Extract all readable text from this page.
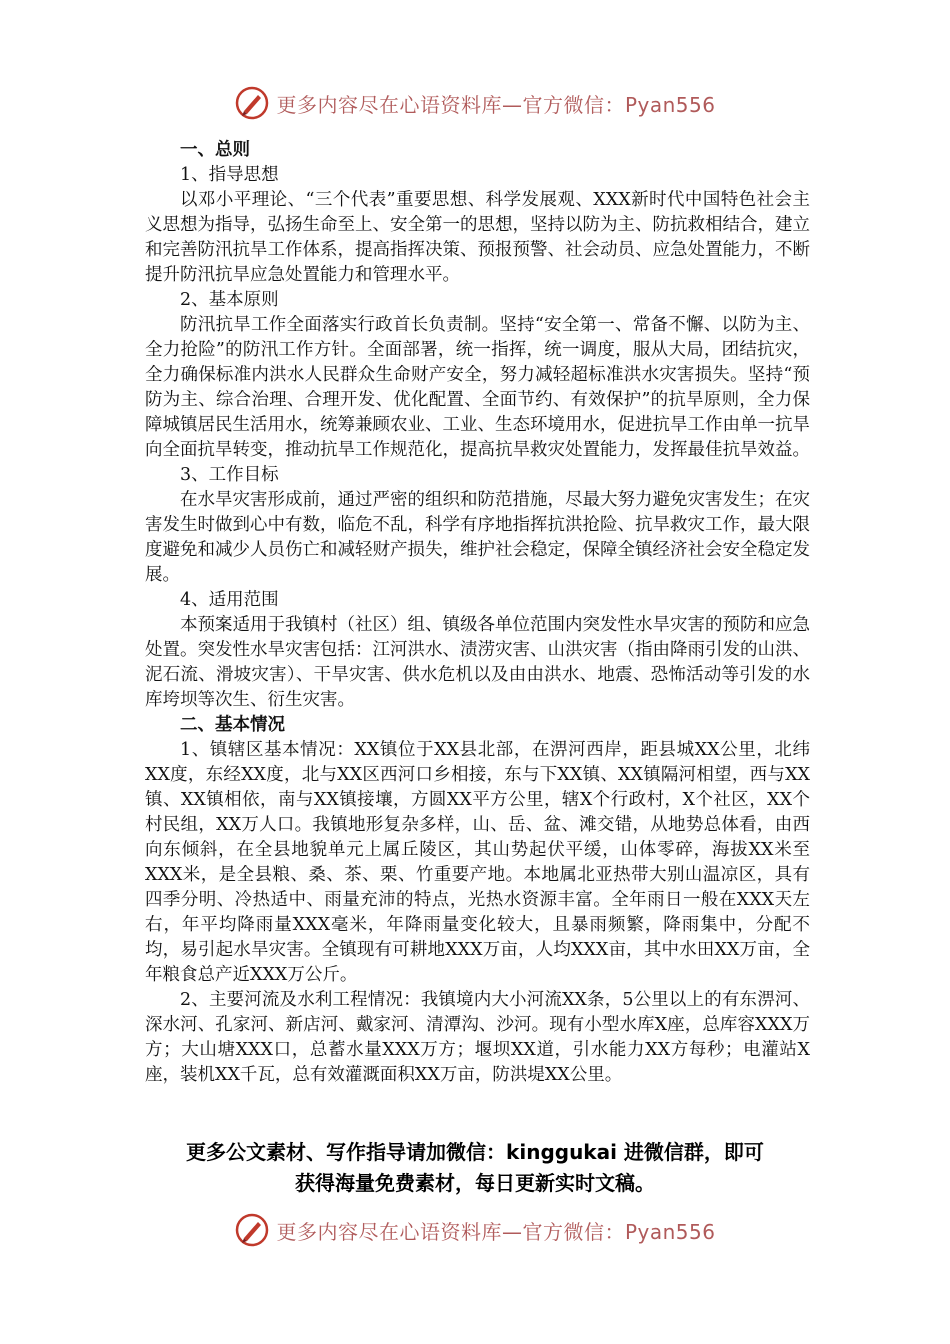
更多内容尽在心语资料库—官方微信：Pyan556

一、总则

1、指导思想

以邓小平理论、“三个代表”重要思想、科学发展观、XXX新时代中国特色社会主义思想为指导，弘扬生命至上、安全第一的思想，坚持以防为主、防抗救相结合，建立和完善防汛抗旱工作体系，提高指挥决策、预报预警、社会动员、应急处置能力，不断提升防汛抗旱应急处置能力和管理水平。

2、基本原则

防汛抗旱工作全面落实行政首长负责制。坚持“安全第一、常备不懈、以防为主、全力抢险”的防汛工作方针。全面部署，统一指挥，统一调度，服从大局，团结抗灾，全力确保标准内洪水人民群众生命财产安全，努力减轻超标准洪水灾害损失。坚持“预防为主、综合治理、合理开发、优化配置、全面节约、有效保护”的抗旱原则，全力保障城镇居民生活用水，统筹兼顾农业、工业、生态环境用水，促进抗旱工作由单一抗旱向全面抗旱转变，推动抗旱工作规范化，提高抗旱救灾处置能力，发挥最佳抗旱效益。

3、工作目标

在水旱灾害形成前，通过严密的组织和防范措施，尽最大努力避免灾害发生；在灾害发生时做到心中有数，临危不乱，科学有序地指挥抗洪抢险、抗旱救灾工作，最大限度避免和减少人员伤亡和减轻财产损失，维护社会稳定，保障全镇经济社会安全稳定发展。

4、适用范围

本预案适用于我镇村（社区）组、镇级各单位范围内突发性水旱灾害的预防和应急处置。突发性水旱灾害包括：江河洪水、渍涝灾害、山洪灾害（指由降雨引发的山洪、泥石流、滑坡灾害）、干旱灾害、供水危机以及由由洪水、地震、恐怖活动等引发的水库垮坝等次生、衍生灾害。

二、基本情况

1、镇辖区基本情况：XX镇位于XX县北部，在淠河西岸，距县城XX公里，北纬XX度，东经XX度，北与XX区西河口乡相接，东与下XX镇、XX镇隔河相望，西与XX镇、XX镇相依，南与XX镇接壤，方圆XX平方公里，辖X个行政村，X个社区，XX个村民组，XX万人口。我镇地形复杂多样，山、岳、盆、滩交错，从地势总体看，由西向东倾斜，在全县地貌单元上属丘陵区，其山势起伏平缓，山体零碎，海拔XX米至XXX米，是全县粮、桑、茶、栗、竹重要产地。本地属北亚热带大别山温凉区，具有四季分明、冷热适中、雨量充沛的特点，光热水资源丰富。全年雨日一般在XXX天左右，年平均降雨量XXX毫米，年降雨量变化较大，且暴雨频繁，降雨集中，分配不均，易引起水旱灾害。全镇现有可耕地XXX万亩，人均XXX亩，其中水田XX万亩，全年粮食总产近XXX万公斤。

2、主要河流及水利工程情况：我镇境内大小河流XX条，5公里以上的有东淠河、深水河、孔家河、新店河、戴家河、清潭沟、沙河。现有小型水库X座，总库容XXX万方；大山塘XXX口，总蓄水量XXX万方；堰坝XX道，引水能力XX方每秒；电灌站X座，装机XX千瓦，总有效灌溉面积XX万亩，防洪堤XX公里。

更多公文素材、写作指导请加微信：kinggukai 进微信群，即可
获得海量免费素材，每日更新实时文稿。
更多内容尽在心语资料库—官方微信：Pyan556
